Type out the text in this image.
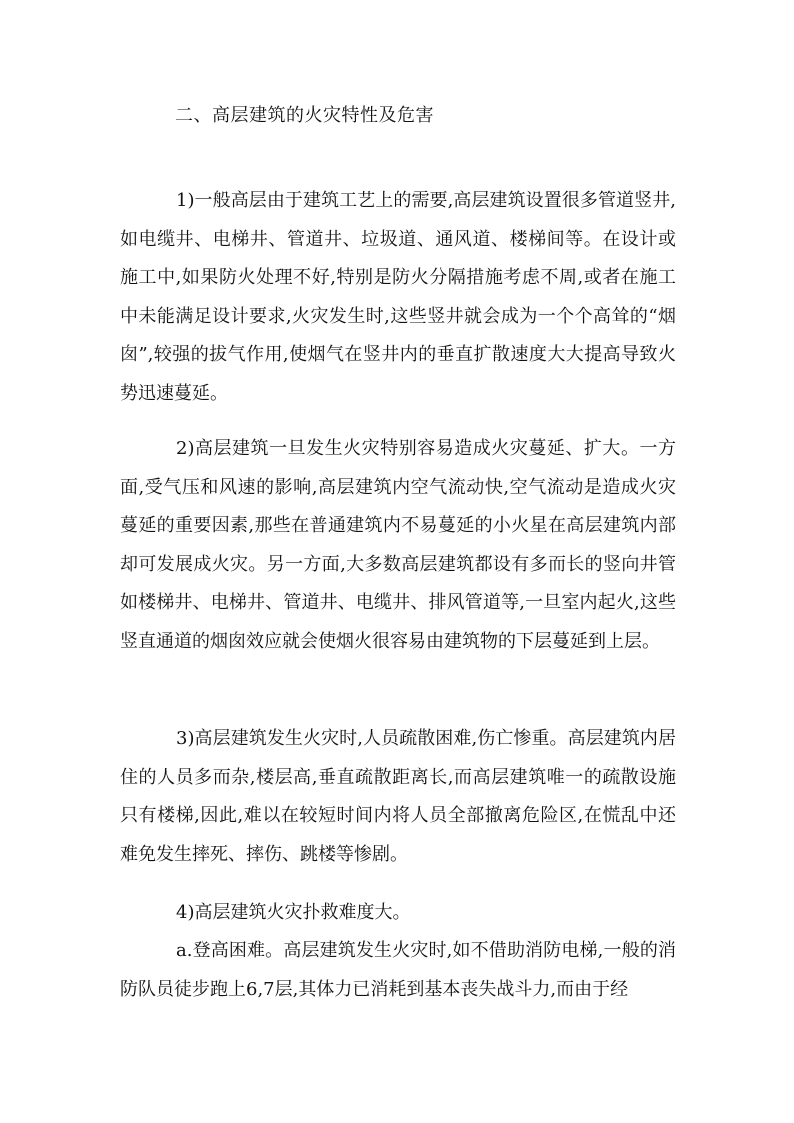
二、高层建筑的火灾特性及危害

1)一般高层由于建筑工艺上的需要,高层建筑设置很多管道竖井,如电缆井、电梯井、管道井、垃圾道、通风道、楼梯间等。在设计或施工中,如果防火处理不好,特别是防火分隔措施考虑不周,或者在施工中未能满足设计要求,火灾发生时,这些竖井就会成为一个个高耸的“烟囱”,较强的拔气作用,使烟气在竖井内的垂直扩散速度大大提高导致火势迅速蔓延。

2)高层建筑一旦发生火灾特别容易造成火灾蔓延、扩大。一方面,受气压和风速的影响,高层建筑内空气流动快,空气流动是造成火灾蔓延的重要因素,那些在普通建筑内不易蔓延的小火星在高层建筑内部却可发展成火灾。另一方面,大多数高层建筑都设有多而长的竖向井管如楼梯井、电梯井、管道井、电缆井、排风管道等,一旦室内起火,这些竖直通道的烟囱效应就会使烟火很容易由建筑物的下层蔓延到上层。

3)高层建筑发生火灾时,人员疏散困难,伤亡惨重。高层建筑内居住的人员多而杂,楼层高,垂直疏散距离长,而高层建筑唯一的疏散设施只有楼梯,因此,难以在较短时间内将人员全部撤离危险区,在慌乱中还难免发生摔死、摔伤、跳楼等惨剧。

4)高层建筑火灾扑救难度大。

a.登高困难。高层建筑发生火灾时,如不借助消防电梯,一般的消防队员徒步跑上6,7层,其体力已消耗到基本丧失战斗力,而由于经
